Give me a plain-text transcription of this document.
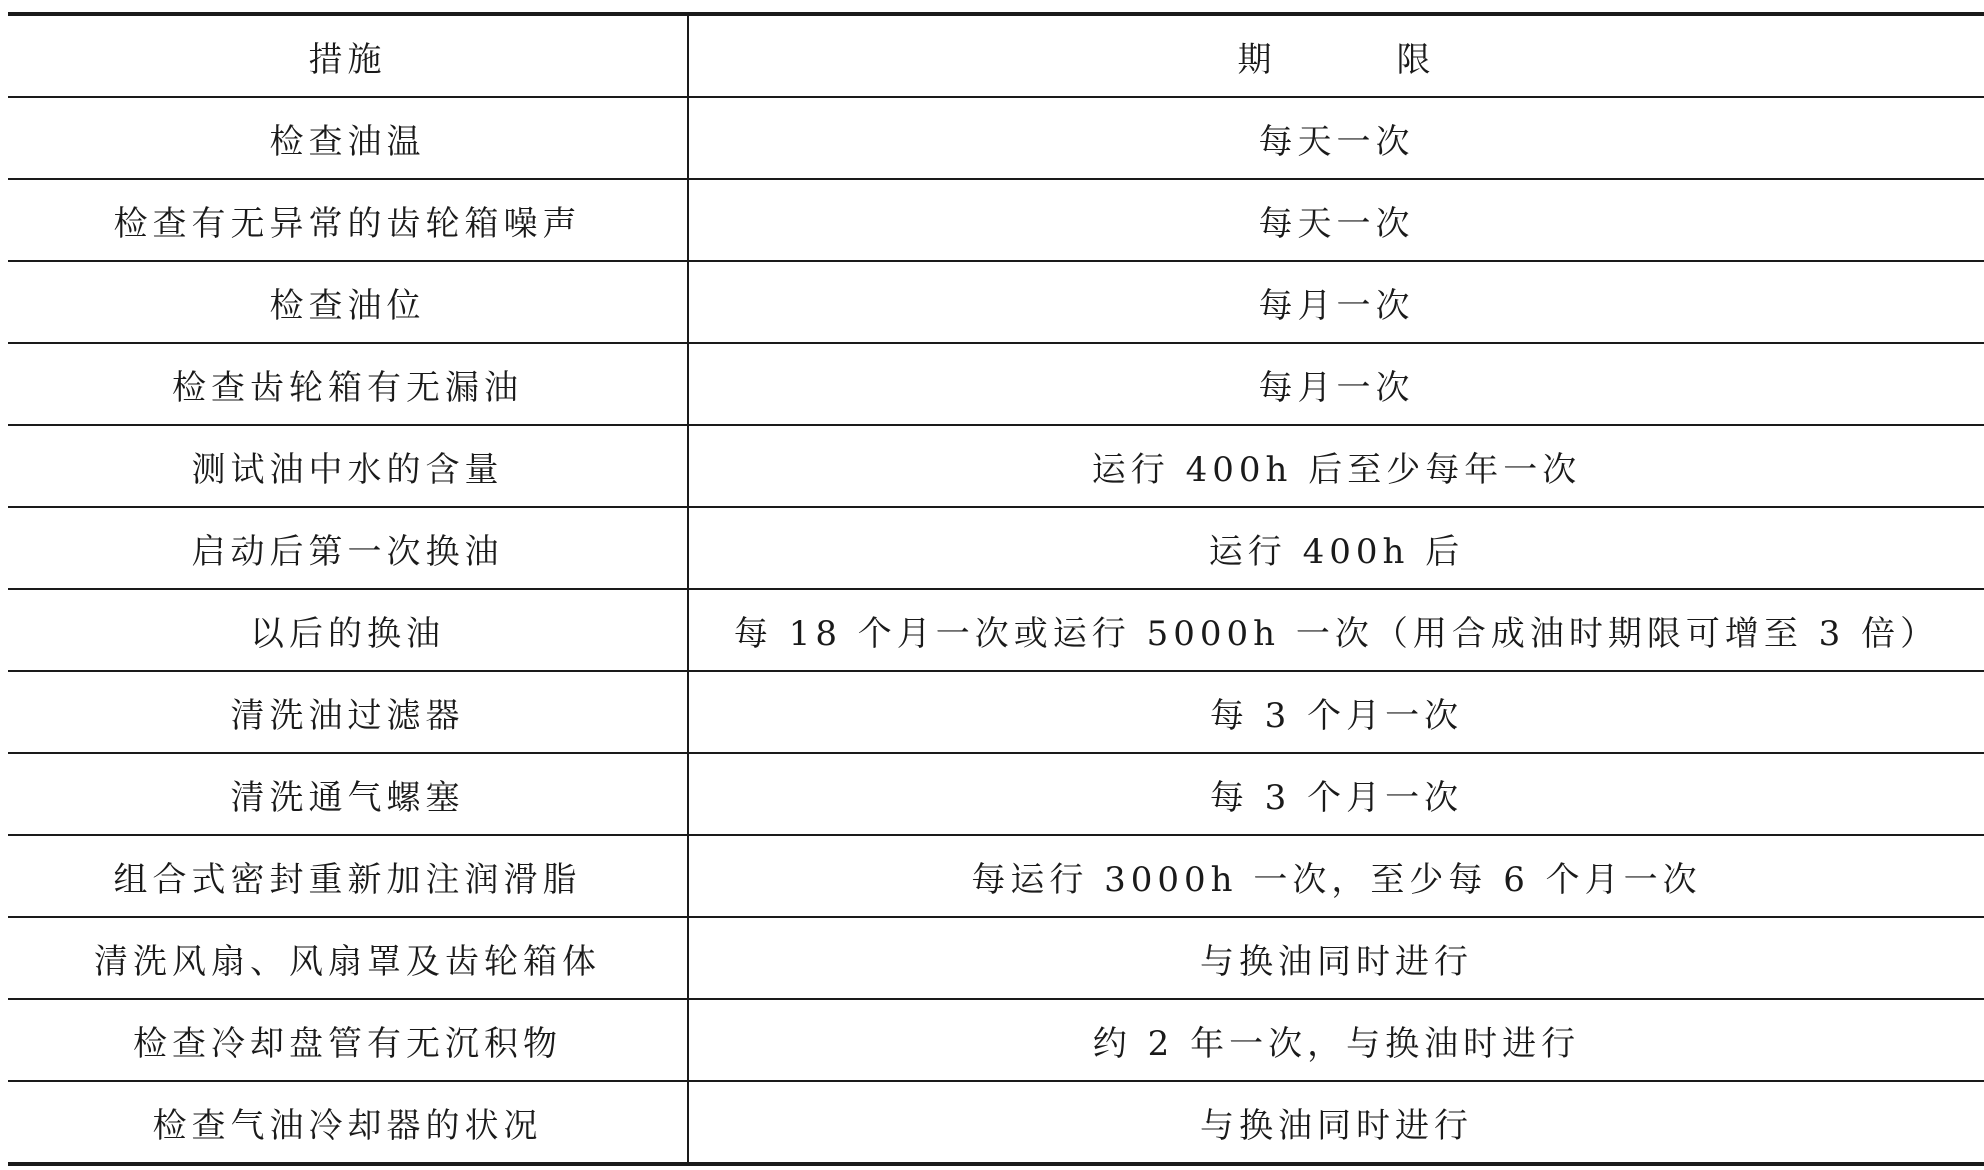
措施	期 限
检查油温	每天一次
检查有无异常的齿轮箱噪声	每天一次
检查油位	每月一次
检查齿轮箱有无漏油	每月一次
测试油中水的含量	运行 400h 后至少每年一次
启动后第一次换油	运行 400h 后
以后的换油	每 18 个月一次或运行 5000h 一次（用合成油时期限可增至 3 倍）
清洗油过滤器	每 3 个月一次
清洗通气螺塞	每 3 个月一次
组合式密封重新加注润滑脂	每运行 3000h 一次，至少每 6 个月一次
清洗风扇、风扇罩及齿轮箱体	与换油同时进行
检查冷却盘管有无沉积物	约 2 年一次，与换油时进行
检查气油冷却器的状况	与换油同时进行
